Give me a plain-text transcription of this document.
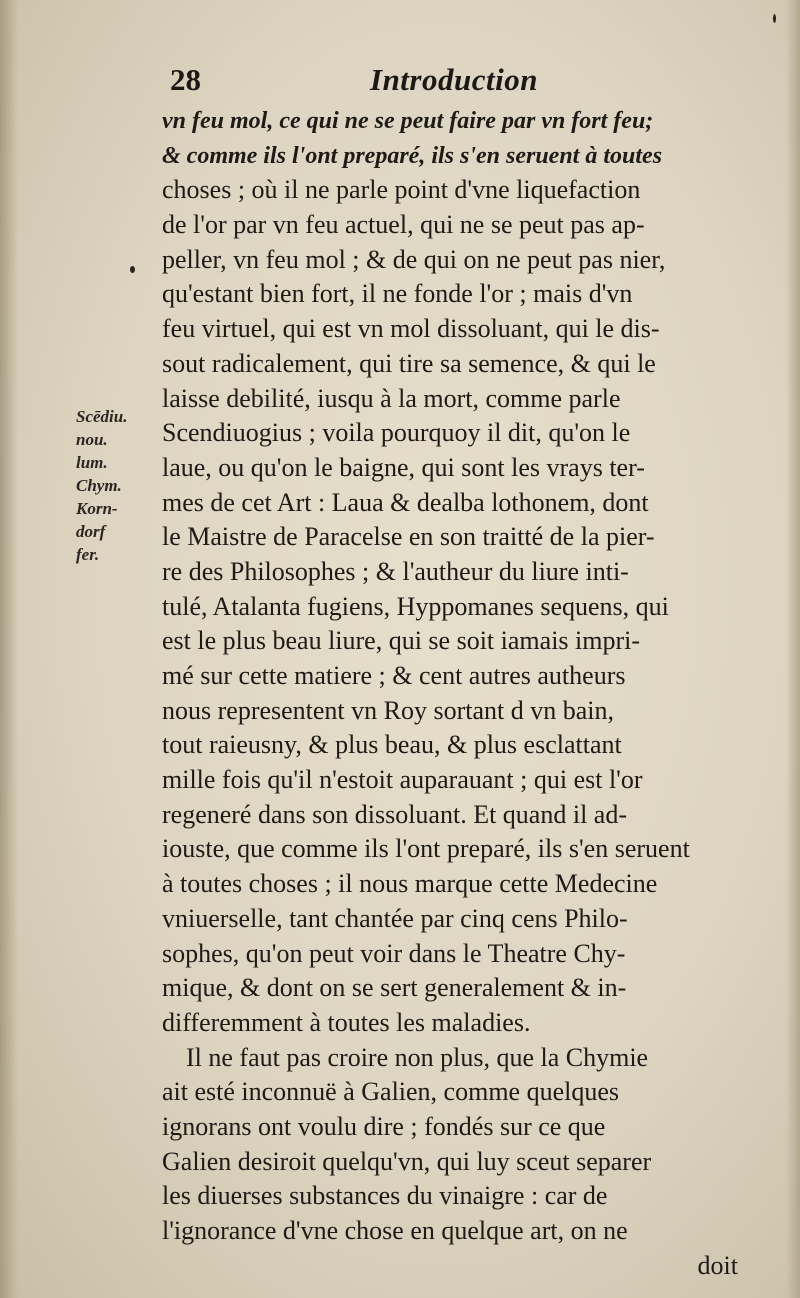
28	Introduction
Scēdiu.
nou.
lum.
Chym.
Korn-
dorf
fer.
vn feu mol, ce qui ne se peut faire par vn fort feu;
& comme ils l'ont preparé, ils s'en seruent à toutes
choses ; où il ne parle point d'vne liquefaction
de l'or par vn feu actuel, qui ne se peut pas ap-
peller, vn feu mol ; & de qui on ne peut pas nier,
qu'estant bien fort, il ne fonde l'or ; mais d'vn
feu virtuel, qui est vn mol dissoluant, qui le dis-
sout radicalement, qui tire sa semence, & qui le
laisse debilité, iusqu à la mort, comme parle
Scendiuogius ; voila pourquoy il dit, qu'on le
laue, ou qu'on le baigne, qui sont les vrays ter-
mes de cet Art : Laua & dealba lothonem, dont
le Maistre de Paracelse en son traitté de la pier-
re des Philosophes ; & l'autheur du liure inti-
tulé, Atalanta fugiens, Hyppomanes sequens, qui
est le plus beau liure, qui se soit iamais impri-
mé sur cette matiere ; & cent autres autheurs
nous representent vn Roy sortant d vn bain,
tout raieusny, & plus beau, & plus esclattant
mille fois qu'il n'estoit auparauant ; qui est l'or
regeneré dans son dissoluant. Et quand il ad-
iouste, que comme ils l'ont preparé, ils s'en seruent
à toutes choses ; il nous marque cette Medecine
vniuerselle, tant chantée par cinq cens Philo-
sophes, qu'on peut voir dans le Theatre Chy-
mique, & dont on se sert generalement & in-
differemment à toutes les maladies.
Il ne faut pas croire non plus, que la Chymie
ait esté inconnuë à Galien, comme quelques
ignorans ont voulu dire ; fondés sur ce que
Galien desiroit quelqu'vn, qui luy sceut separer
les diuerses substances du vinaigre : car de
l'ignorance d'vne chose en quelque art, on ne
doit
